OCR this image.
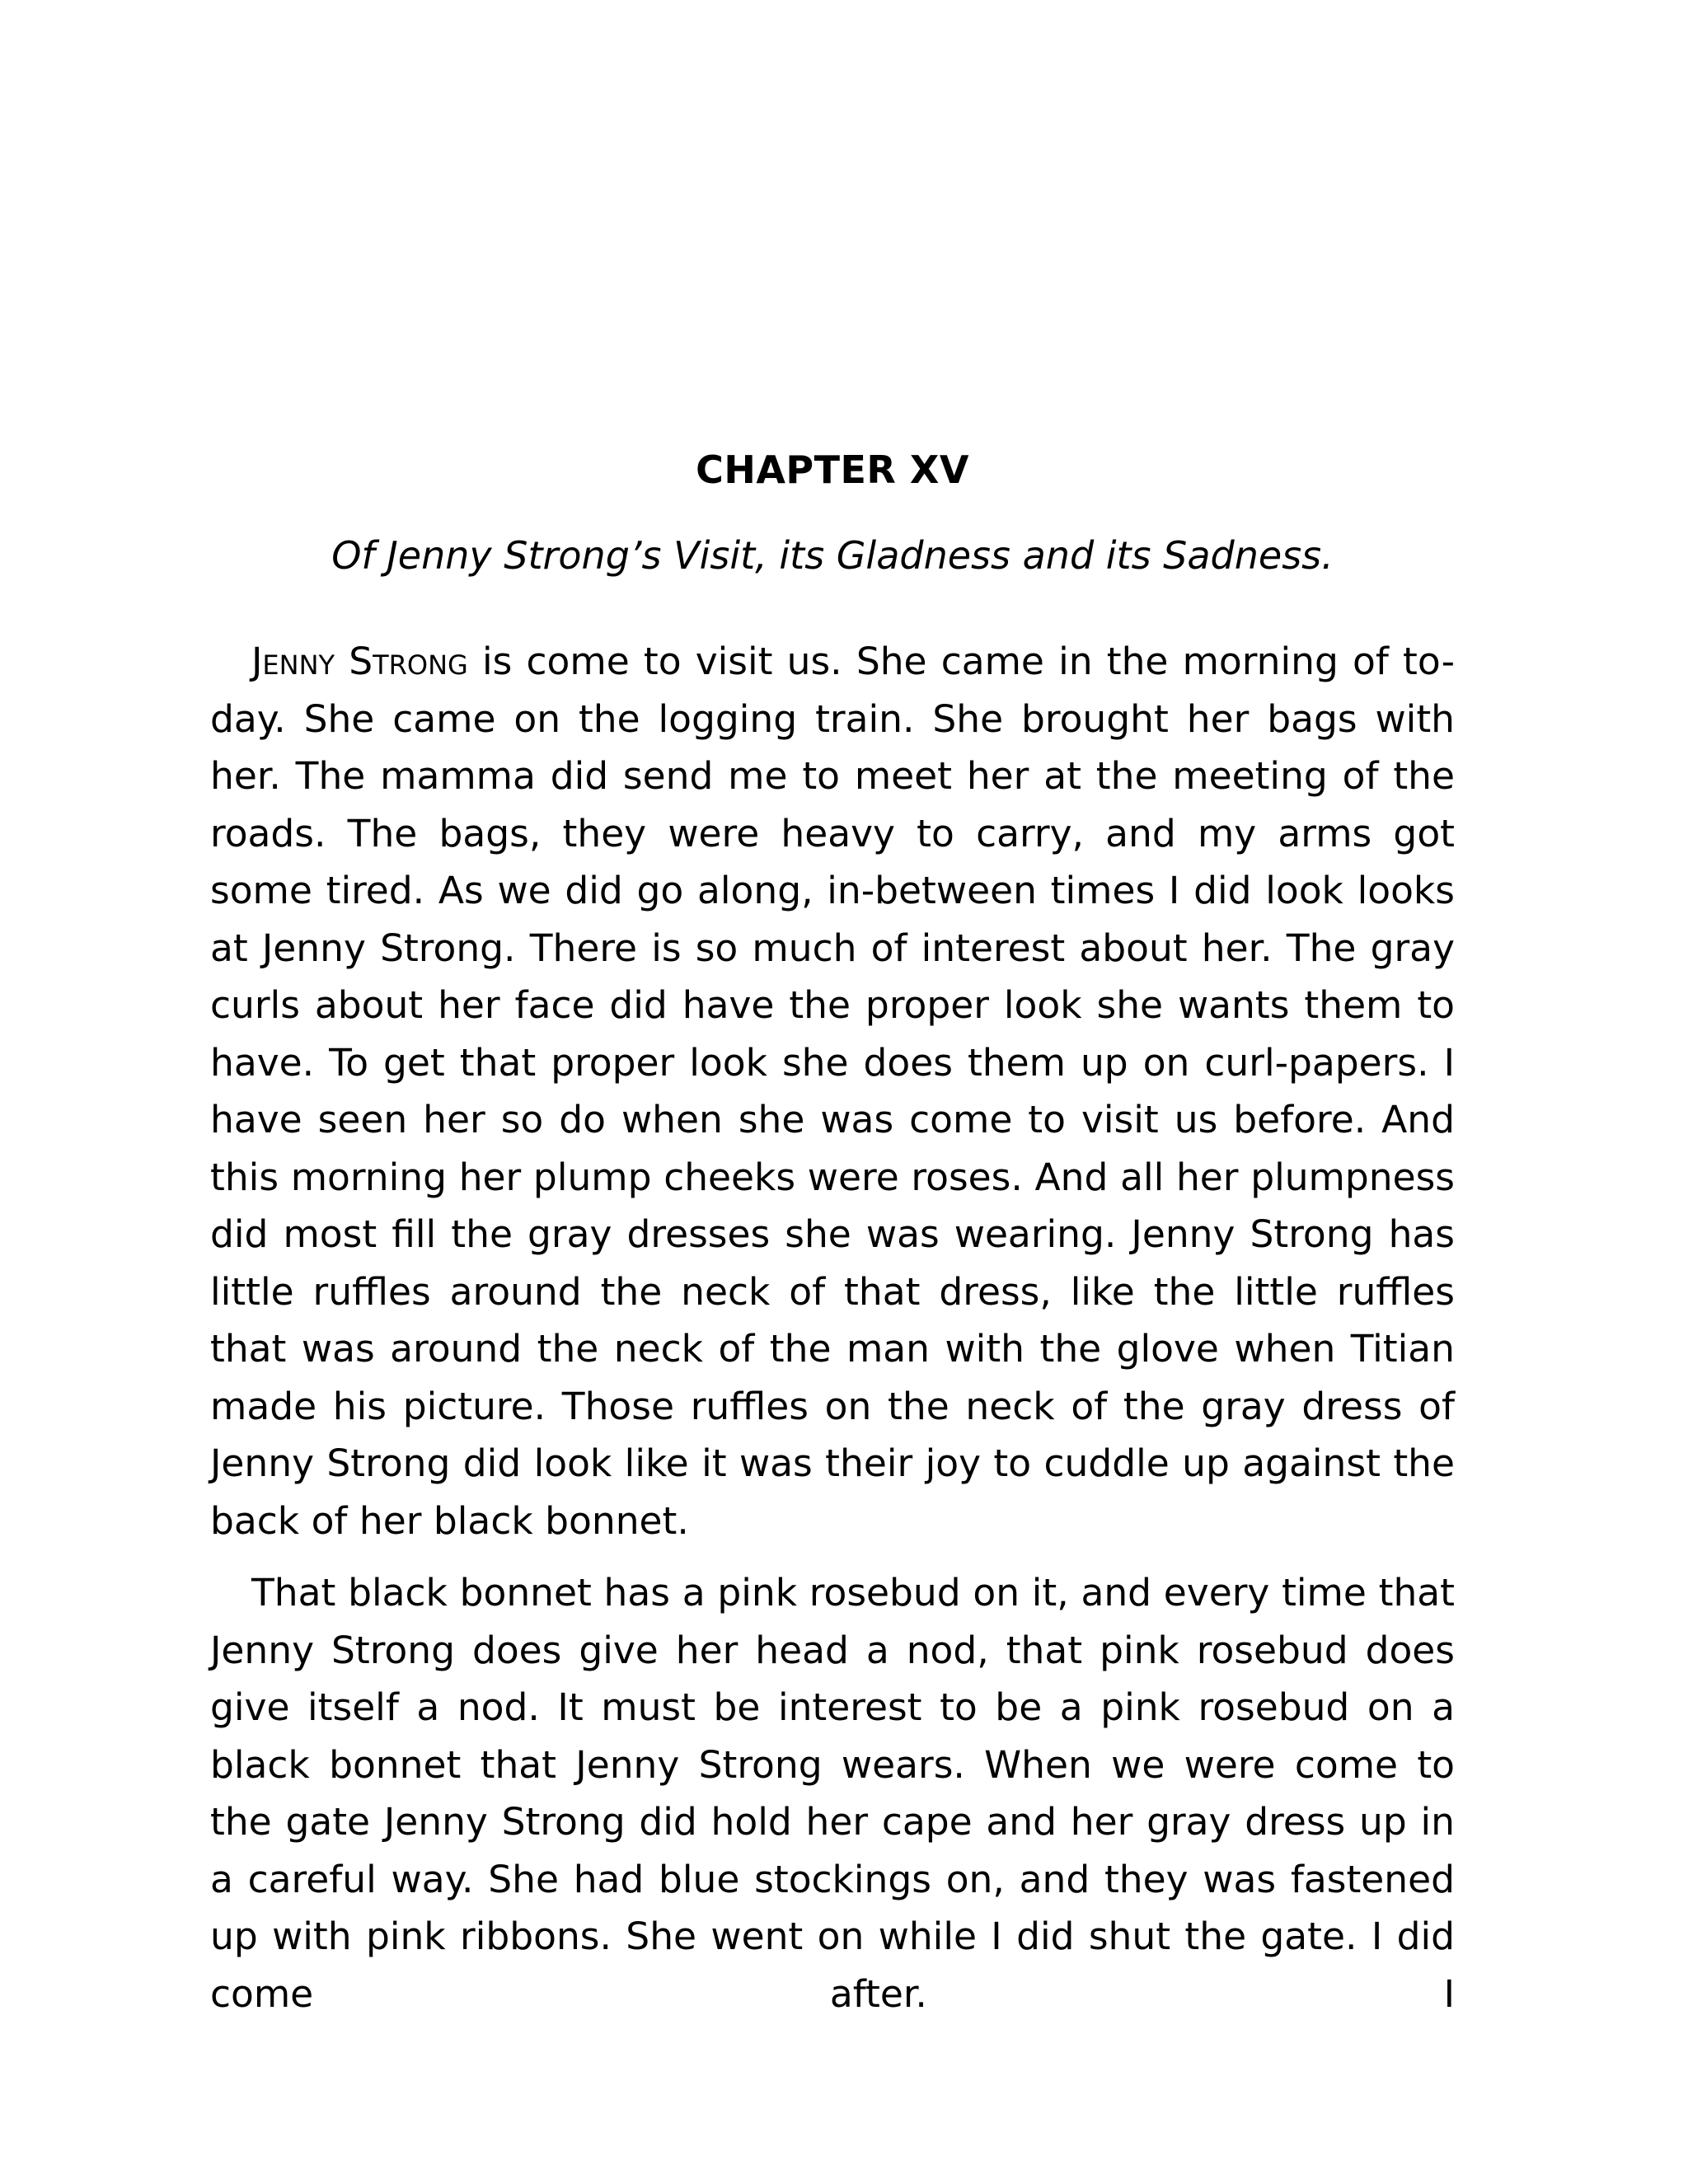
CHAPTER XV

Of Jenny Strong’s Visit, its Gladness and its Sadness.

Jenny Strong is come to visit us. She came in the morning of to-day. She came on the logging train. She brought her bags with her. The mamma did send me to meet her at the meeting of the roads. The bags, they were heavy to carry, and my arms got some tired. As we did go along, in-between times I did look looks at Jenny Strong. There is so much of interest about her. The gray curls about her face did have the proper look she wants them to have. To get that proper look she does them up on curl-papers. I have seen her so do when she was come to visit us before. And this morning her plump cheeks were roses. And all her plumpness did most fill the gray dresses she was wearing. Jenny Strong has little ruffles around the neck of that dress, like the little ruffles that was around the neck of the man with the glove when Titian made his picture. Those ruffles on the neck of the gray dress of Jenny Strong did look like it was their joy to cuddle up against the back of her black bonnet.

That black bonnet has a pink rosebud on it, and every time that Jenny Strong does give her head a nod, that pink rosebud does give itself a nod. It must be interest to be a pink rosebud on a black bonnet that Jenny Strong wears. When we were come to the gate Jenny Strong did hold her cape and her gray dress up in a careful way. She had blue stockings on, and they was fastened up with pink ribbons. She went on while I did shut the gate. I did come after. I
